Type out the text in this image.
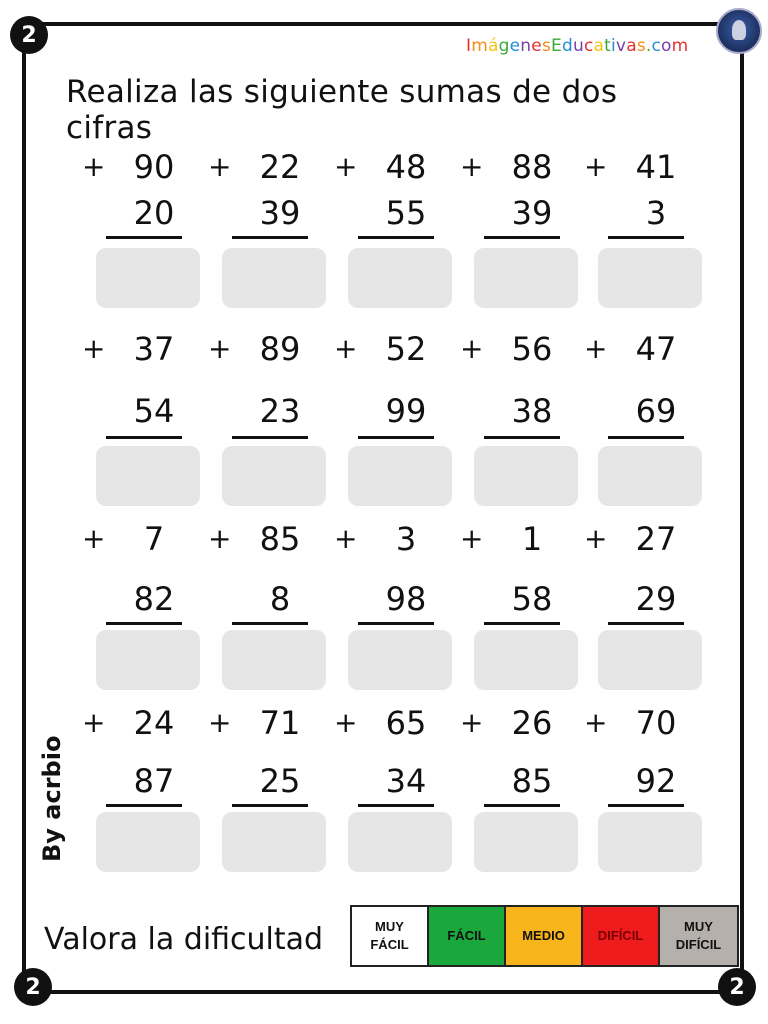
2
2	2
ImágenesEducativas.com
Realiza las siguiente sumas de dos cifras
+ 90
20
+ 22
39
+ 48
55
+ 88
39
+ 41
3
+ 37
54
+ 89
23
+ 52
99
+ 56
38
+ 47
69
+	7
82
+ 85
8
+	3
98
+	1
58
+ 27
29
+ 24
87
+ 71
25
+ 65
34
+ 26
85
+ 70
92
By acrbio
Valora la dificultad	MUY
FÁCIL
FÁCIL	MEDIO	DIFÍCIL
MUY
DIFÍCIL
